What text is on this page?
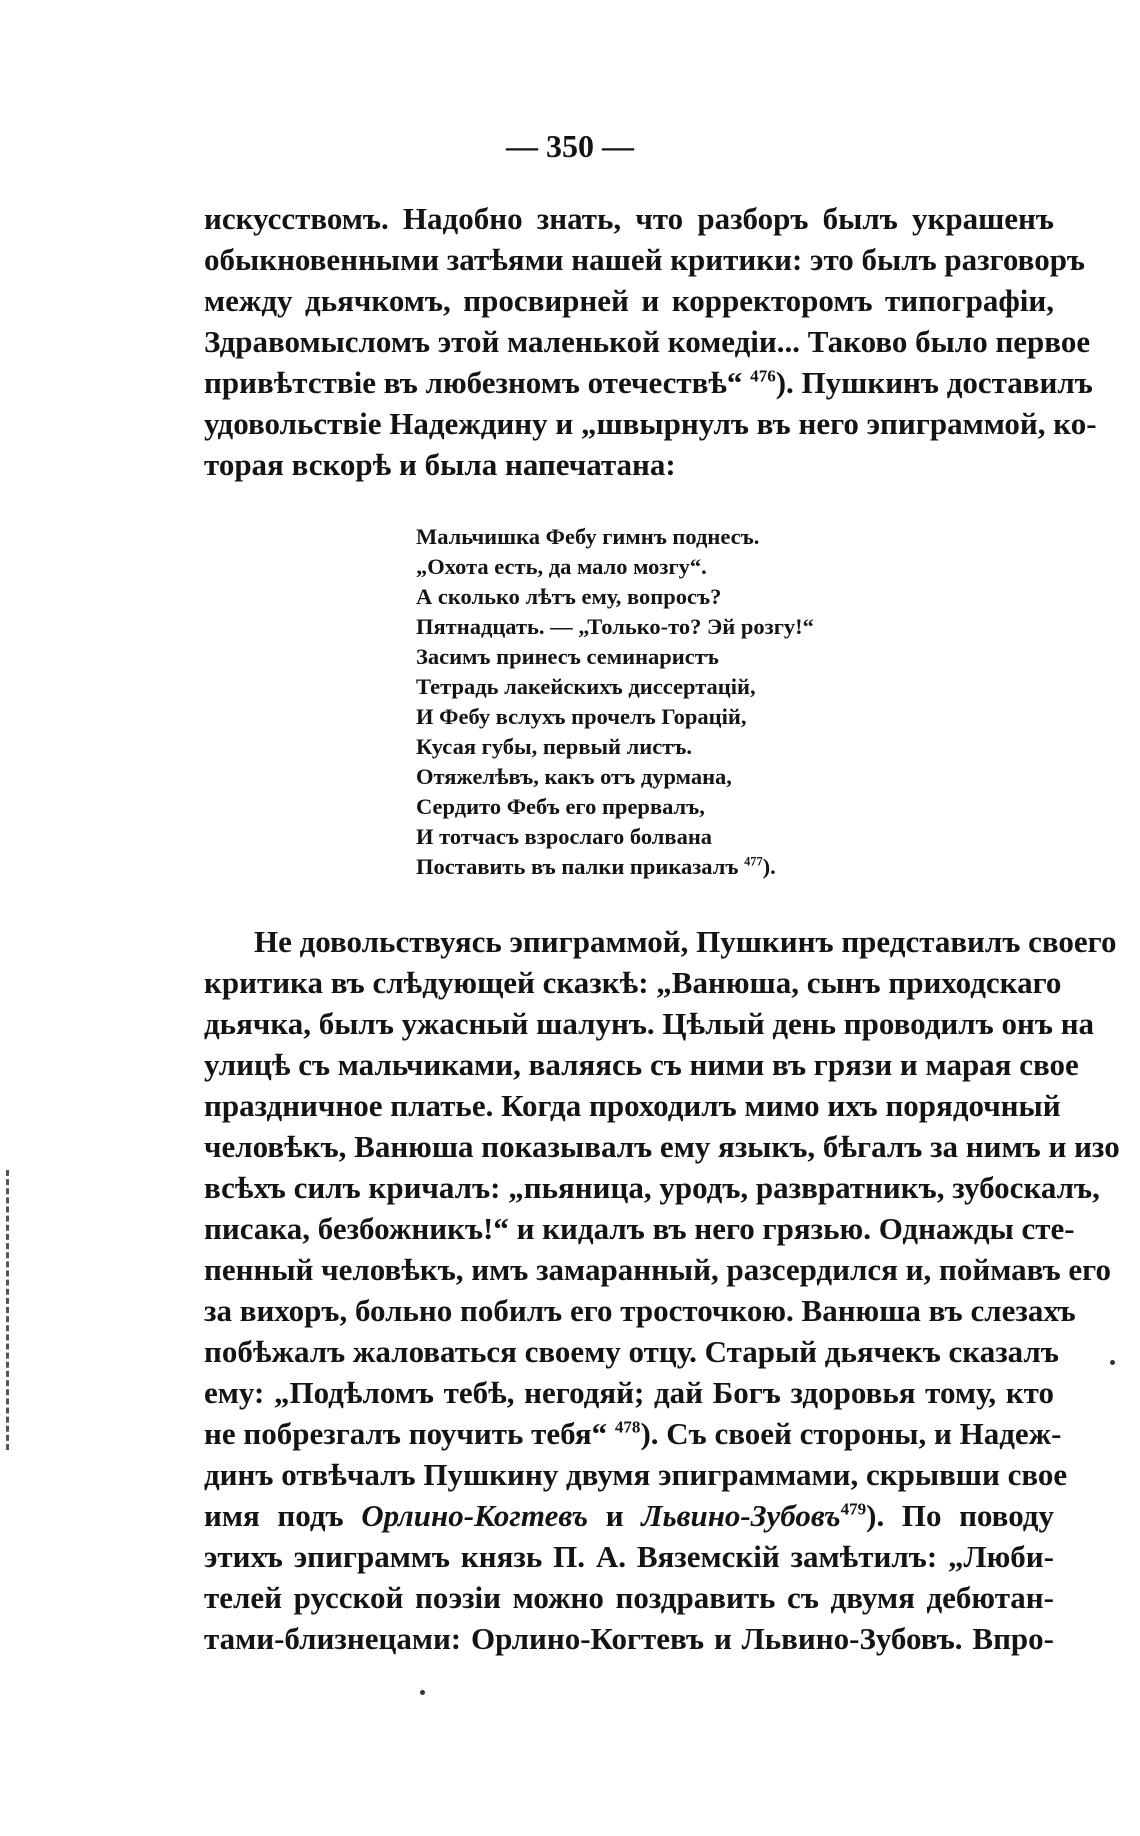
— 350 —
искусствомъ. Надобно знать, что разборъ былъ украшенъ
обыкновенными затѣями нашей критики: это былъ разговоръ
между дьячкомъ, просвирней и корректоромъ типографіи,
Здравомысломъ этой маленькой комедіи... Таково было первое
привѣтствіе въ любезномъ отечествѣ“ $^{476}$). Пушкинъ доставилъ
удовольствіе Надеждину и „швырнулъ въ него эпиграммой, ко-
торая вскорѣ и была напечатана:
Мальчишка Фебу гимнъ поднесъ.
„Охота есть, да мало мозгу“.
А сколько лѣтъ ему, вопросъ?
Пятнадцать. — „Только-то? Эй розгу!“
Засимъ принесъ семинаристъ
Тетрадь лакейскихъ диссертацій,
И Фебу вслухъ прочелъ Горацій,
Кусая губы, первый листъ.
Отяжелѣвъ, какъ отъ дурмана,
Сердито Фебъ его прервалъ,
И тотчасъ взрослаго болвана
Поставить въ палки приказалъ $^{477}$).
Не довольствуясь эпиграммой, Пушкинъ представилъ своего
критика въ слѣдующей сказкѣ: „Ванюша, сынъ приходскаго
дьячка, былъ ужасный шалунъ. Цѣлый день проводилъ онъ на
улицѣ съ мальчиками, валяясь съ ними въ грязи и марая свое
праздничное платье. Когда проходилъ мимо ихъ порядочный
человѣкъ, Ванюша показывалъ ему языкъ, бѣгалъ за нимъ и изо
всѣхъ силъ кричалъ: „пьяница, уродъ, развратникъ, зубоскалъ,
писака, безбожникъ!“ и кидалъ въ него грязью. Однажды сте-
пенный человѣкъ, имъ замаранный, разсердился и, поймавъ его
за вихоръ, больно побилъ его тросточкою. Ванюша въ слезахъ
побѣжалъ жаловаться своему отцу. Старый дьячекъ сказалъ
ему: „Подѣломъ тебѣ, негодяй; дай Богъ здоровья тому, кто
не побрезгалъ поучить тебя“ $^{478}$). Съ своей стороны, и Надеж-
динъ отвѣчалъ Пушкину двумя эпиграммами, скрывши свое
имя подъ Орлино-Когтевъ и Львино-Зубовъ$^{479}$). По поводу
этихъ эпиграммъ князь П. А. Вяземскій замѣтилъ: „Люби-
телей русской поэзіи можно поздравить съ двумя дебютан-
тами-близнецами: Орлино-Когтевъ и Львино-Зубовъ. Впро-
